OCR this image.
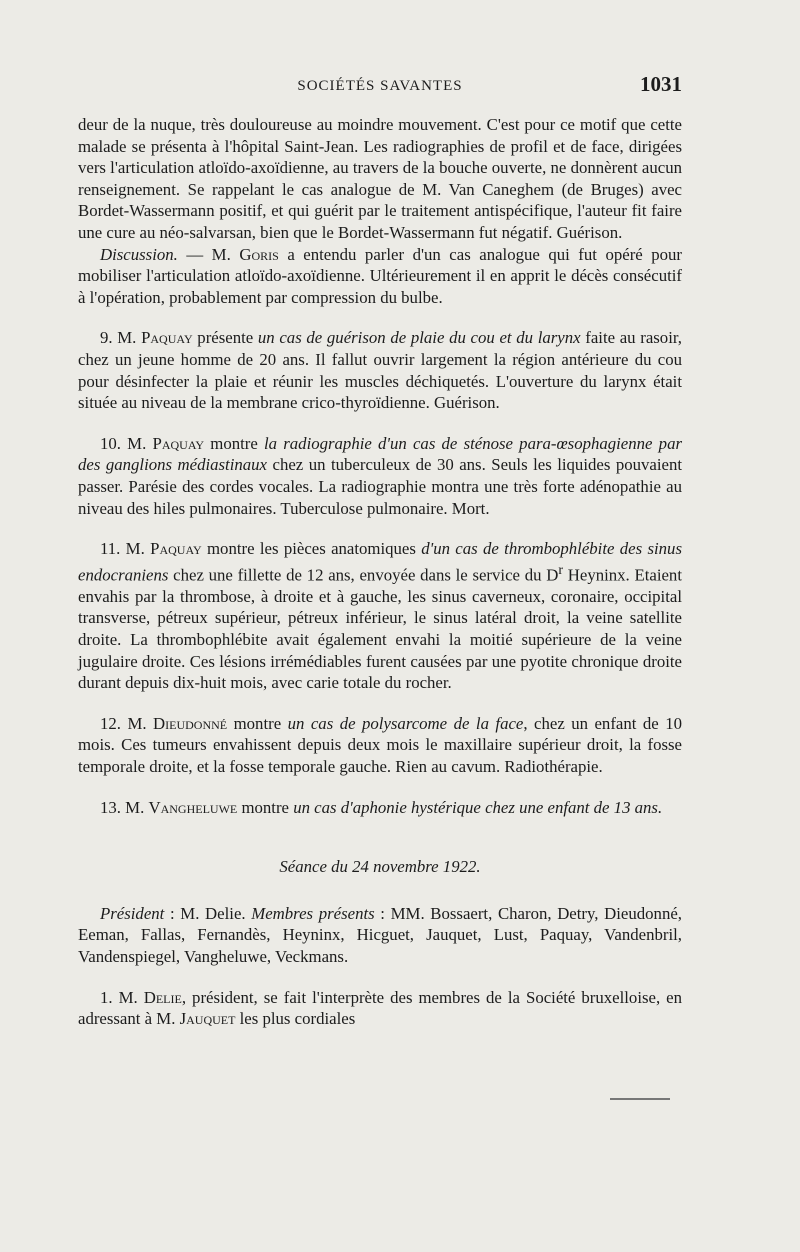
SOCIÉTÉS SAVANTES	1031

deur de la nuque, très douloureuse au moindre mouvement. C'est pour ce motif que cette malade se présenta à l'hôpital Saint-Jean. Les radiographies de profil et de face, dirigées vers l'articulation atloïdo-axoïdienne, au travers de la bouche ouverte, ne donnèrent aucun renseignement. Se rappelant le cas analogue de M. Van Caneghem (de Bruges) avec Bordet-Wassermann positif, et qui guérit par le traitement antispécifique, l'auteur fit faire une cure au néo-salvarsan, bien que le Bordet-Wassermann fut négatif. Guérison.

Discussion. — M. Goris a entendu parler d'un cas analogue qui fut opéré pour mobiliser l'articulation atloïdo-axoïdienne. Ultérieurement il en apprit le décès consécutif à l'opération, probablement par compression du bulbe.

9. M. Paquay présente un cas de guérison de plaie du cou et du larynx faite au rasoir, chez un jeune homme de 20 ans. Il fallut ouvrir largement la région antérieure du cou pour désinfecter la plaie et réunir les muscles déchiquetés. L'ouverture du larynx était située au niveau de la membrane crico-thyroïdienne. Guérison.

10. M. Paquay montre la radiographie d'un cas de sténose para-œsophagienne par des ganglions médiastinaux chez un tuberculeux de 30 ans. Seuls les liquides pouvaient passer. Parésie des cordes vocales. La radiographie montra une très forte adénopathie au niveau des hiles pulmonaires. Tuberculose pulmonaire. Mort.

11. M. Paquay montre les pièces anatomiques d'un cas de thrombophlébite des sinus endocraniens chez une fillette de 12 ans, envoyée dans le service du $D^r$ Heyninx. Etaient envahis par la thrombose, à droite et à gauche, les sinus caverneux, coronaire, occipital transverse, pétreux supérieur, pétreux inférieur, le sinus latéral droit, la veine satellite droite. La thrombophlébite avait également envahi la moitié supérieure de la veine jugulaire droite. Ces lésions irrémédiables furent causées par une pyotite chronique droite durant depuis dix-huit mois, avec carie totale du rocher.

12. M. Dieudonné montre un cas de polysarcome de la face, chez un enfant de 10 mois. Ces tumeurs envahissent depuis deux mois le maxillaire supérieur droit, la fosse temporale droite, et la fosse temporale gauche. Rien au cavum. Radiothérapie.

13. M. Vangheluwe montre un cas d'aphonie hystérique chez une enfant de 13 ans.

Séance du 24 novembre 1922.

Président : M. Delie. Membres présents : MM. Bossaert, Charon, Detry, Dieudonné, Eeman, Fallas, Fernandès, Heyninx, Hicguet, Jauquet, Lust, Paquay, Vandenbril, Vandenspiegel, Vangheluwe, Veckmans.

1. M. Delie, président, se fait l'interprète des membres de la Société bruxelloise, en adressant à M. Jauquet les plus cordiales
